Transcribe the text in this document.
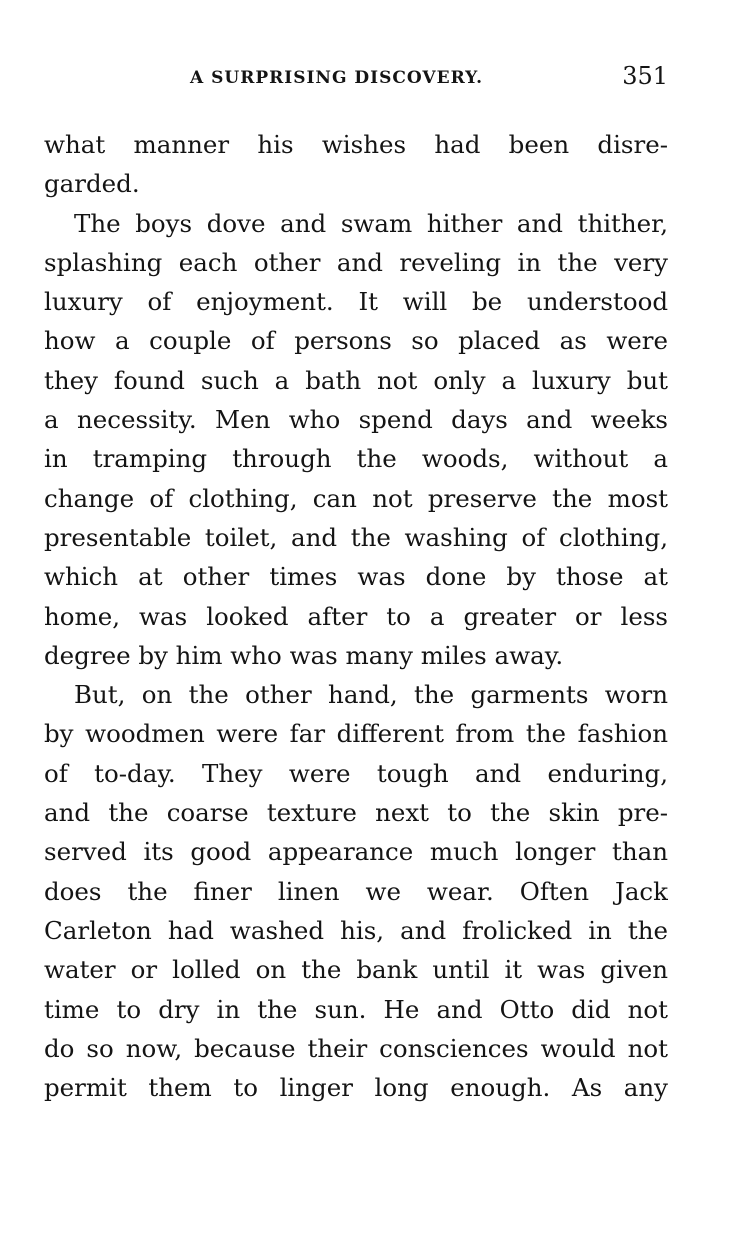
A SURPRISING DISCOVERY.	351
what manner his wishes had been disre-
garded.
The boys dove and swam hither and thither,
splashing each other and reveling in the very
luxury of enjoyment. It will be understood
how a couple of persons so placed as were
they found such a bath not only a luxury but
a necessity. Men who spend days and weeks
in tramping through the woods, without a
change of clothing, can not preserve the most
presentable toilet, and the washing of clothing,
which at other times was done by those at
home, was looked after to a greater or less
degree by him who was many miles away.
But, on the other hand, the garments worn
by woodmen were far different from the fashion
of to-day. They were tough and enduring,
and the coarse texture next to the skin pre-
served its good appearance much longer than
does the finer linen we wear. Often Jack
Carleton had washed his, and frolicked in the
water or lolled on the bank until it was given
time to dry in the sun. He and Otto did not
do so now, because their consciences would not
permit them to linger long enough. As any
